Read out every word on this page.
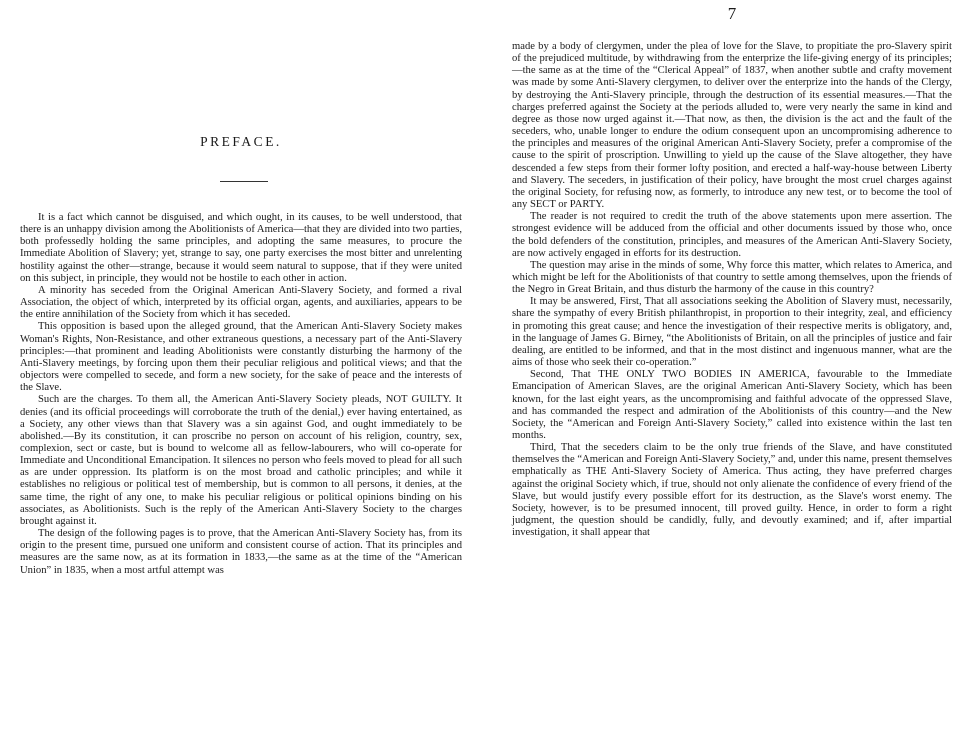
PREFACE.

It is a fact which cannot be disguised, and which ought, in its causes, to be well understood, that there is an unhappy division among the Abolitionists of America—that they are divided into two parties, both professedly holding the same principles, and adopting the same measures, to procure the Immediate Abolition of Slavery; yet, strange to say, one party exercises the most bitter and unrelenting hostility against the other—strange, because it would seem natural to suppose, that if they were united on this subject, in principle, they would not be hostile to each other in action.

A minority has seceded from the Original American Anti-Slavery Society, and formed a rival Association, the object of which, interpreted by its official organ, agents, and auxiliaries, appears to be the entire annihilation of the Society from which it has seceded.

This opposition is based upon the alleged ground, that the American Anti-Slavery Society makes Woman's Rights, Non-Resistance, and other extraneous questions, a necessary part of the Anti-Slavery principles:—that prominent and leading Abolitionists were constantly disturbing the harmony of the Anti-Slavery meetings, by forcing upon them their peculiar religious and political views; and that the objectors were compelled to secede, and form a new society, for the sake of peace and the interests of the Slave.

Such are the charges. To them all, the American Anti-Slavery Society pleads, NOT GUILTY. It denies (and its official proceedings will corroborate the truth of the denial,) ever having entertained, as a Society, any other views than that Slavery was a sin against God, and ought immediately to be abolished.—By its constitution, it can proscribe no person on account of his religion, country, sex, complexion, sect or caste, but is bound to welcome all as fellow-labourers, who will co-operate for Immediate and Unconditional Emancipation. It silences no person who feels moved to plead for all such as are under oppression. Its platform is on the most broad and catholic principles; and while it establishes no religious or political test of membership, but is common to all persons, it denies, at the same time, the right of any one, to make his peculiar religious or political opinions binding on his associates, as Abolitionists. Such is the reply of the American Anti-Slavery Society to the charges brought against it.

The design of the following pages is to prove, that the American Anti-Slavery Society has, from its origin to the present time, pursued one uniform and consistent course of action. That its principles and measures are the same now, as at its formation in 1833,—the same as at the time of the “American Union” in 1835, when a most artful attempt was

7

made by a body of clergymen, under the plea of love for the Slave, to propitiate the pro-Slavery spirit of the prejudiced multitude, by withdrawing from the enterprize the life-giving energy of its principles;—the same as at the time of the “Clerical Appeal” of 1837, when another subtle and crafty movement was made by some Anti-Slavery clergymen, to deliver over the enterprize into the hands of the Clergy, by destroying the Anti-Slavery principle, through the destruction of its essential measures.—That the charges preferred against the Society at the periods alluded to, were very nearly the same in kind and degree as those now urged against it.—That now, as then, the division is the act and the fault of the seceders, who, unable longer to endure the odium consequent upon an uncompromising adherence to the principles and measures of the original American Anti-Slavery Society, prefer a compromise of the cause to the spirit of proscription. Unwilling to yield up the cause of the Slave altogether, they have descended a few steps from their former lofty position, and erected a half-way-house between Liberty and Slavery. The seceders, in justification of their policy, have brought the most cruel charges against the original Society, for refusing now, as formerly, to introduce any new test, or to become the tool of any SECT or PARTY.

The reader is not required to credit the truth of the above statements upon mere assertion. The strongest evidence will be adduced from the official and other documents issued by those who, once the bold defenders of the constitution, principles, and measures of the American Anti-Slavery Society, are now actively engaged in efforts for its destruction.

The question may arise in the minds of some, Why force this matter, which relates to America, and which might be left for the Abolitionists of that country to settle among themselves, upon the friends of the Negro in Great Britain, and thus disturb the harmony of the cause in this country?

It may be answered, First, That all associations seeking the Abolition of Slavery must, necessarily, share the sympathy of every British philanthropist, in proportion to their integrity, zeal, and efficiency in promoting this great cause; and hence the investigation of their respective merits is obligatory, and, in the language of James G. Birney, “the Abolitionists of Britain, on all the principles of justice and fair dealing, are entitled to be informed, and that in the most distinct and ingenuous manner, what are the aims of those who seek their co-operation.”

Second, That THE ONLY TWO BODIES IN AMERICA, favourable to the Immediate Emancipation of American Slaves, are the original American Anti-Slavery Society, which has been known, for the last eight years, as the uncompromising and faithful advocate of the oppressed Slave, and has commanded the respect and admiration of the Abolitionists of this country—and the New Society, the “American and Foreign Anti-Slavery Society,” called into existence within the last ten months.

Third, That the seceders claim to be the only true friends of the Slave, and have constituted themselves the “American and Foreign Anti-Slavery Society,” and, under this name, present themselves emphatically as THE Anti-Slavery Society of America. Thus acting, they have preferred charges against the original Society which, if true, should not only alienate the confidence of every friend of the Slave, but would justify every possible effort for its destruction, as the Slave's worst enemy. The Society, however, is to be presumed innocent, till proved guilty. Hence, in order to form a right judgment, the question should be candidly, fully, and devoutly examined; and if, after impartial investigation, it shall appear that
